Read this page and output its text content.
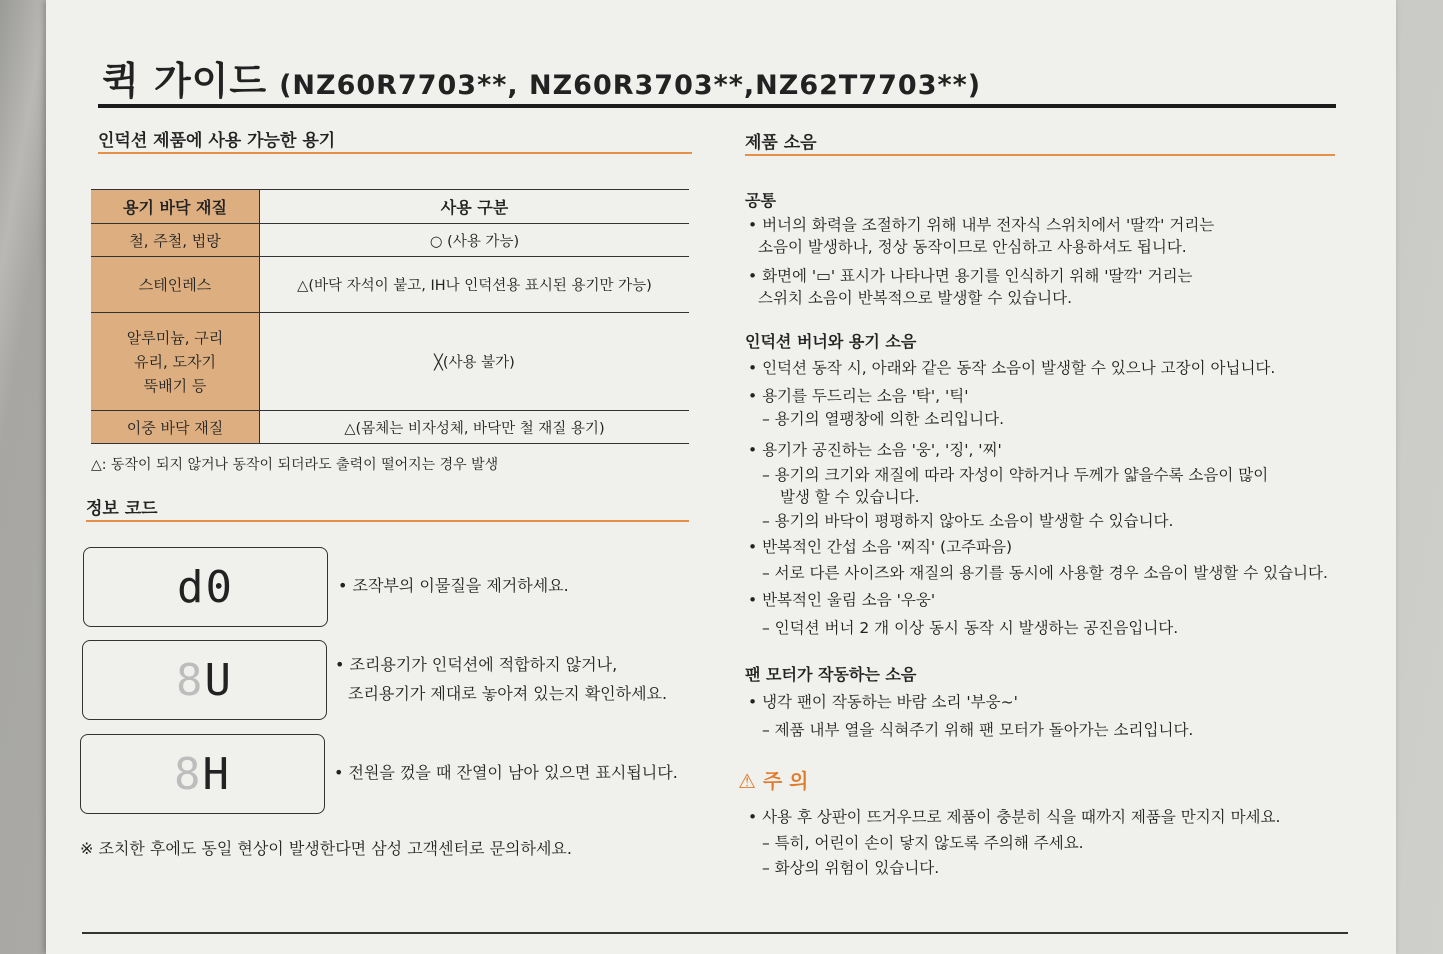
퀵 가이드 (NZ60R7703**, NZ60R3703**,NZ62T7703**)
인덕션 제품에 사용 가능한 용기
용기 바닥 재질	사용 구분
철, 주철, 법랑	○ (사용 가능)
스테인레스	△(바닥 자석이 붙고, IH나 인덕션용 표시된 용기만 가능)
알루미늄, 구리
유리, 도자기
뚝배기 등	╳(사용 불가)
이중 바닥 재질	△(몸체는 비자성체, 바닥만 철 재질 용기)
△: 동작이 되지 않거나 동작이 되더라도 출력이 떨어지는 경우 발생
정보 코드
d0	• 조작부의 이물질을 제거하세요.
8U	• 조리용기가 인덕션에 적합하지 않거나,
조리용기가 제대로 놓아져 있는지 확인하세요.
8H	• 전원을 껐을 때 잔열이 남아 있으면 표시됩니다.
※ 조치한 후에도 동일 현상이 발생한다면 삼성 고객센터로 문의하세요.
제품 소음
공통
• 버너의 화력을 조절하기 위해 내부 전자식 스위치에서 '딸깍' 거리는
소음이 발생하나, 정상 동작이므로 안심하고 사용하셔도 됩니다.
• 화면에 '▭' 표시가 나타나면 용기를 인식하기 위해 '딸깍' 거리는
스위치 소음이 반복적으로 발생할 수 있습니다.
인덕션 버너와 용기 소음
• 인덕션 동작 시, 아래와 같은 동작 소음이 발생할 수 있으나 고장이 아닙니다.
• 용기를 두드리는 소음 '탁', '틱'
– 용기의 열팽창에 의한 소리입니다.
• 용기가 공진하는 소음 '웅', '징', '찌'
– 용기의 크기와 재질에 따라 자성이 약하거나 두께가 얇을수록 소음이 많이
발생 할 수 있습니다.
– 용기의 바닥이 평평하지 않아도 소음이 발생할 수 있습니다.
• 반복적인 간섭 소음 '찌직' (고주파음)
– 서로 다른 사이즈와 재질의 용기를 동시에 사용할 경우 소음이 발생할 수 있습니다.
• 반복적인 울림 소음 '우웅'
– 인덕션 버너 2 개 이상 동시 동작 시 발생하는 공진음입니다.
팬 모터가 작동하는 소음
• 냉각 팬이 작동하는 바람 소리 '부웅~'
– 제품 내부 열을 식혀주기 위해 팬 모터가 돌아가는 소리입니다.
⚠ 주 의
• 사용 후 상판이 뜨거우므로 제품이 충분히 식을 때까지 제품을 만지지 마세요.
– 특히, 어린이 손이 닿지 않도록 주의해 주세요.
– 화상의 위험이 있습니다.
